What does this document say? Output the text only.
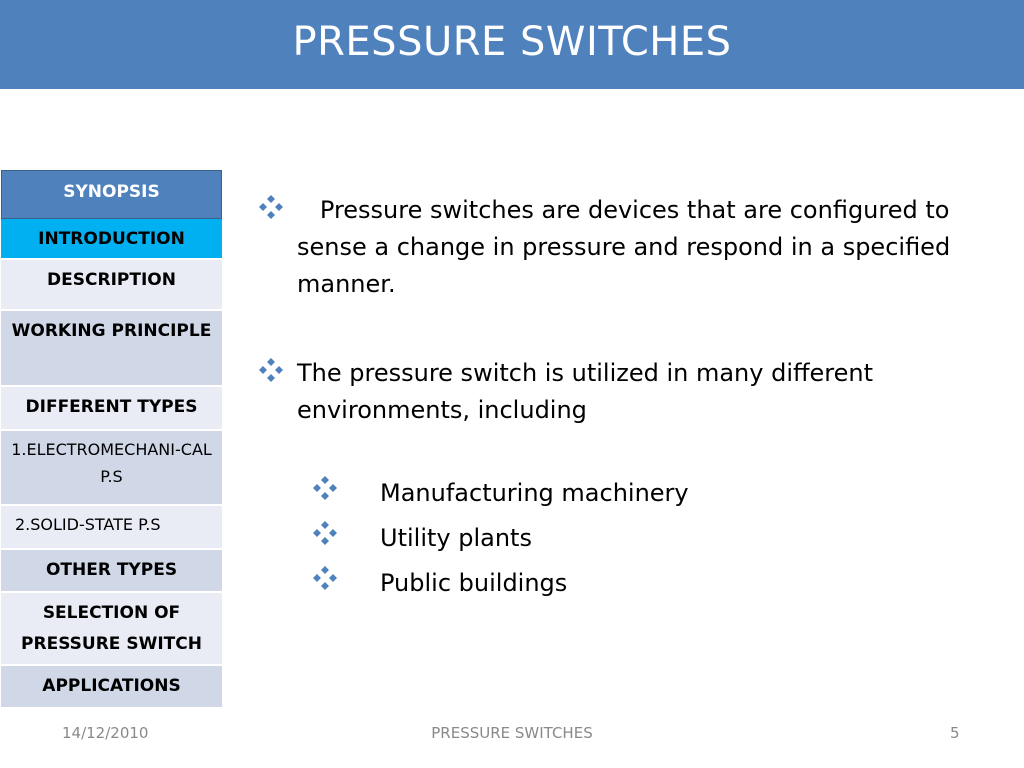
PRESSURE SWITCHES
SYNOPSIS
INTRODUCTION
DESCRIPTION
WORKING PRINCIPLE
DIFFERENT TYPES
1.ELECTROMECHANI-CAL P.S
2.SOLID-STATE P.S
OTHER TYPES
SELECTION OF PRESSURE SWITCH
APPLICATIONS
Pressure switches are devices that are configured to sense a change in pressure and respond in a specified manner.
The pressure switch is utilized in many different environments, including
Manufacturing machinery
Utility plants
Public buildings
14/12/2010	PRESSURE SWITCHES	5
